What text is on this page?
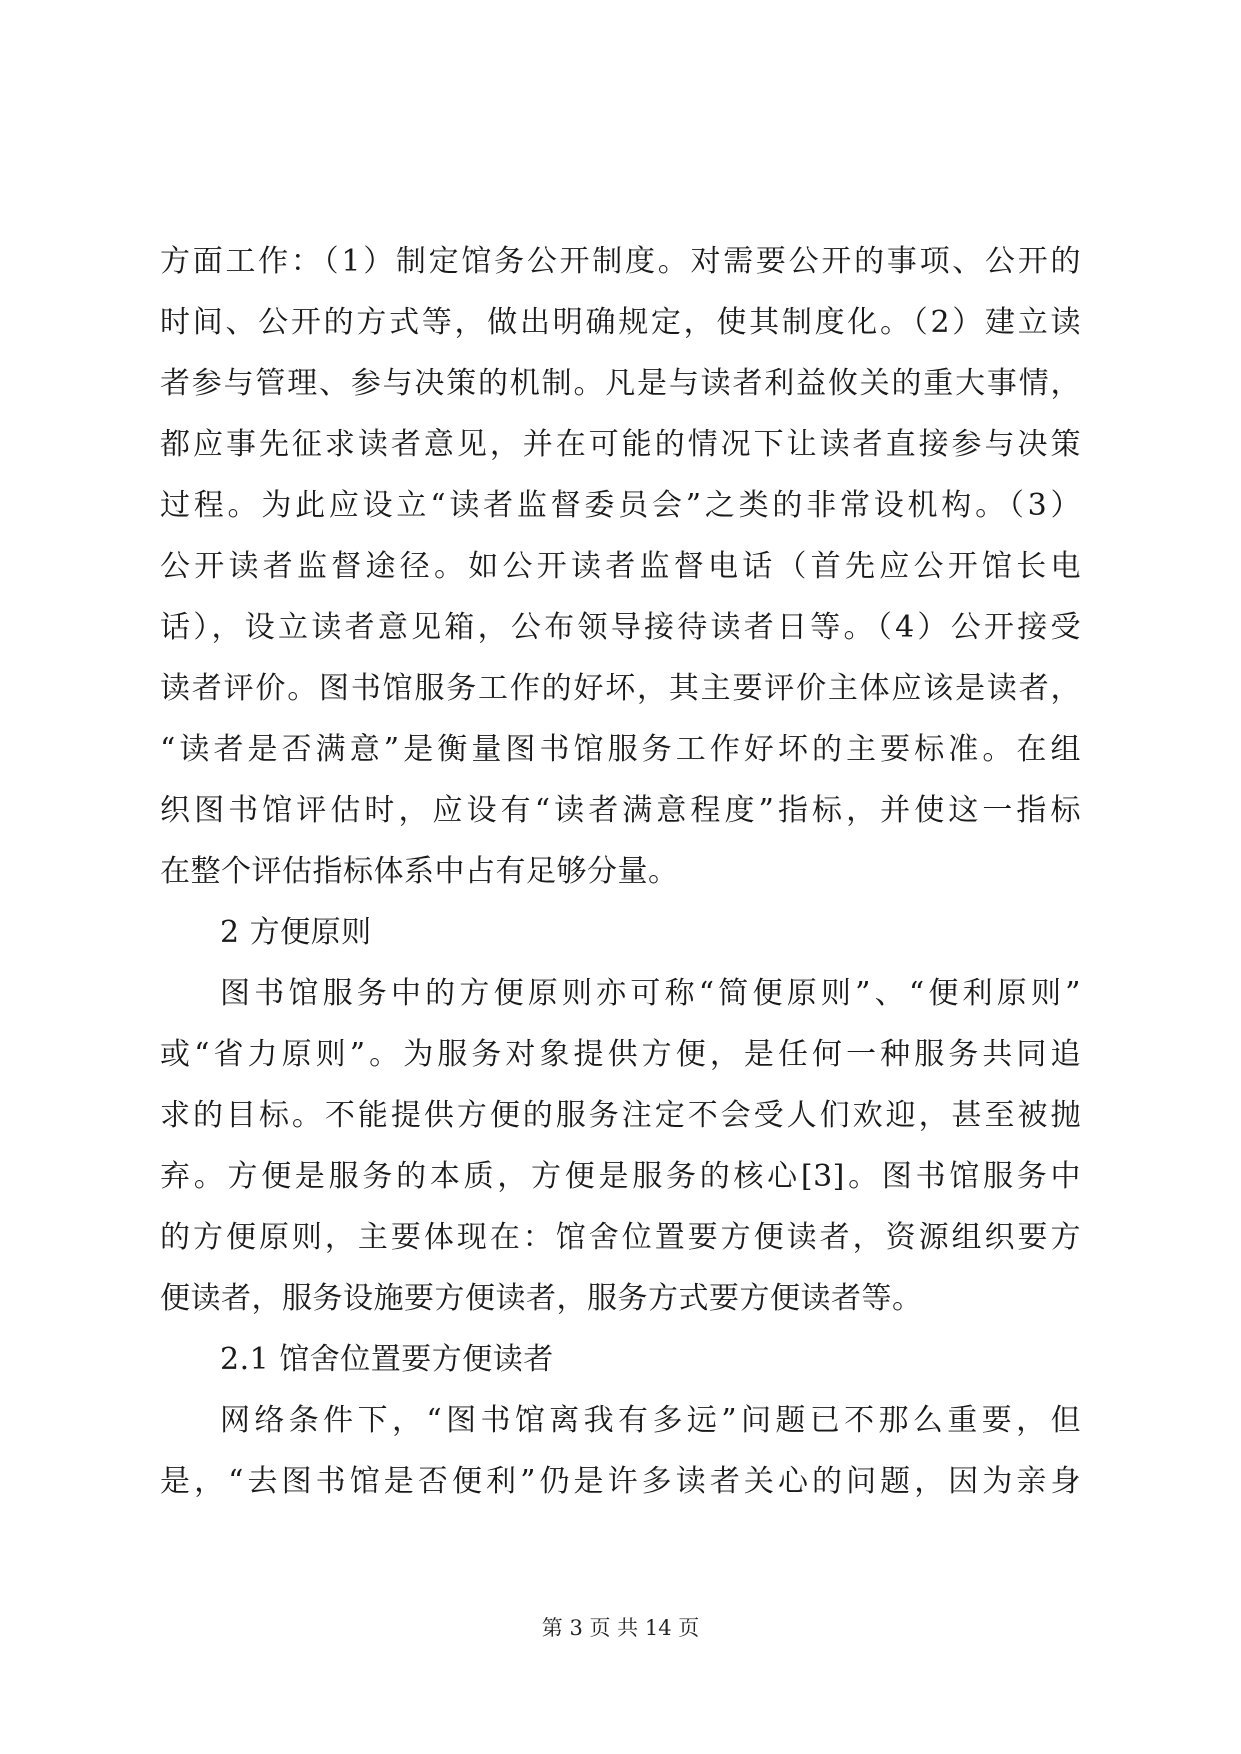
方面工作：（1）制定馆务公开制度。对需要公开的事项、公开的
时间、公开的方式等，做出明确规定，使其制度化。（2）建立读
者参与管理、参与决策的机制。凡是与读者利益攸关的重大事情，
都应事先征求读者意见，并在可能的情况下让读者直接参与决策
过程。为此应设立“读者监督委员会”之类的非常设机构。（3）
公开读者监督途径。如公开读者监督电话（首先应公开馆长电
话），设立读者意见箱，公布领导接待读者日等。（4）公开接受
读者评价。图书馆服务工作的好坏，其主要评价主体应该是读者，
“读者是否满意”是衡量图书馆服务工作好坏的主要标准。在组
织图书馆评估时，应设有“读者满意程度”指标，并使这一指标
在整个评估指标体系中占有足够分量。
2 方便原则
图书馆服务中的方便原则亦可称“简便原则”、“便利原则”
或“省力原则”。为服务对象提供方便，是任何一种服务共同追
求的目标。不能提供方便的服务注定不会受人们欢迎，甚至被抛
弃。方便是服务的本质，方便是服务的核心[3]。图书馆服务中
的方便原则，主要体现在：馆舍位置要方便读者，资源组织要方
便读者，服务设施要方便读者，服务方式要方便读者等。
2.1 馆舍位置要方便读者
网络条件下，“图书馆离我有多远”问题已不那么重要，但
是，“去图书馆是否便利”仍是许多读者关心的问题，因为亲身
第 3 页 共 14 页
